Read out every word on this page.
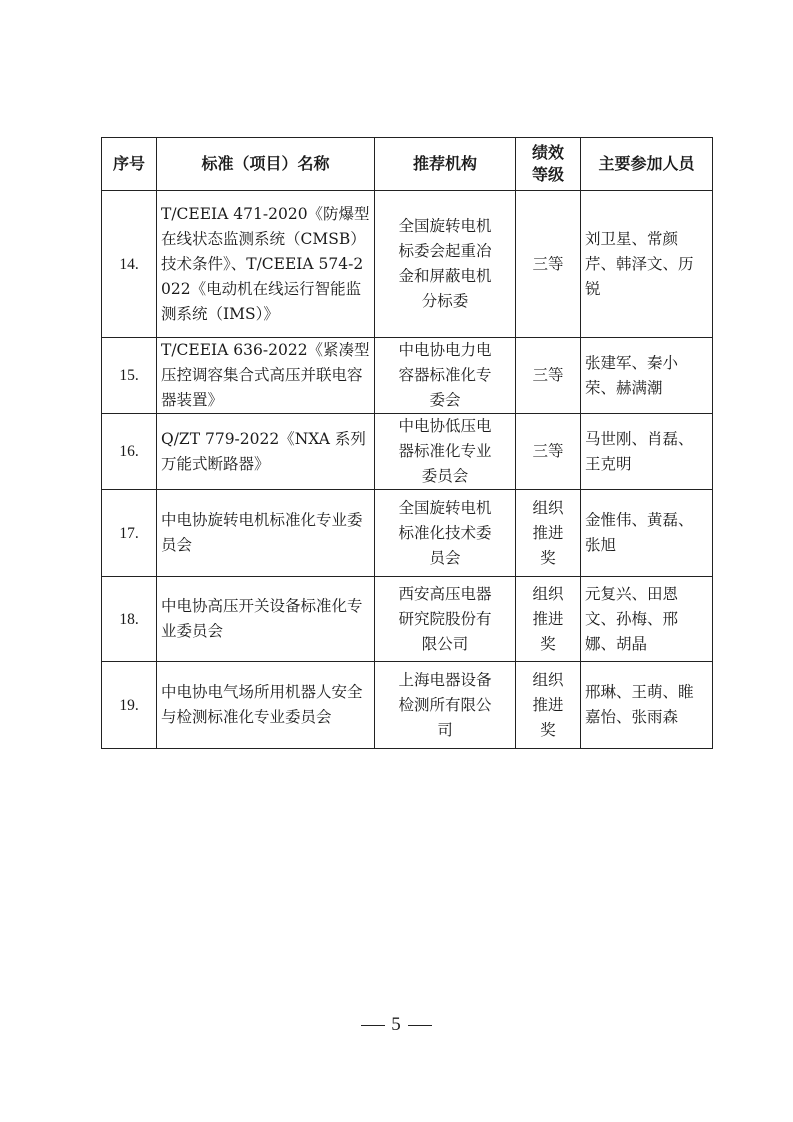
序号	标准（项目）名称	推荐机构	绩效等级	主要参加人员
14.	T/CEEIA 471-2020《防爆型在线状态监测系统（CMSB）技术条件》、T/CEEIA 574-2022《电动机在线运行智能监测系统（IMS）》	全国旋转电机标委会起重冶金和屏蔽电机分标委	三等	刘卫星、常颜芹、韩泽文、历锐
15.	T/CEEIA 636-2022《紧凑型压控调容集合式高压并联电容器装置》	中电协电力电容器标准化专委会	三等	张建军、秦小荣、赫满潮
16.	Q/ZT 779-2022《NXA 系列万能式断路器》	中电协低压电器标准化专业委员会	三等	马世刚、肖磊、王克明
17.	中电协旋转电机标准化专业委员会	全国旋转电机标准化技术委员会	组织推进奖	金惟伟、黄磊、张旭
18.	中电协高压开关设备标准化专业委员会	西安高压电器研究院股份有限公司	组织推进奖	元复兴、田恩文、孙梅、邢娜、胡晶
19.	中电协电气场所用机器人安全与检测标准化专业委员会	上海电器设备检测所有限公司	组织推进奖	邢琳、王萌、睢嘉怡、张雨森
5
